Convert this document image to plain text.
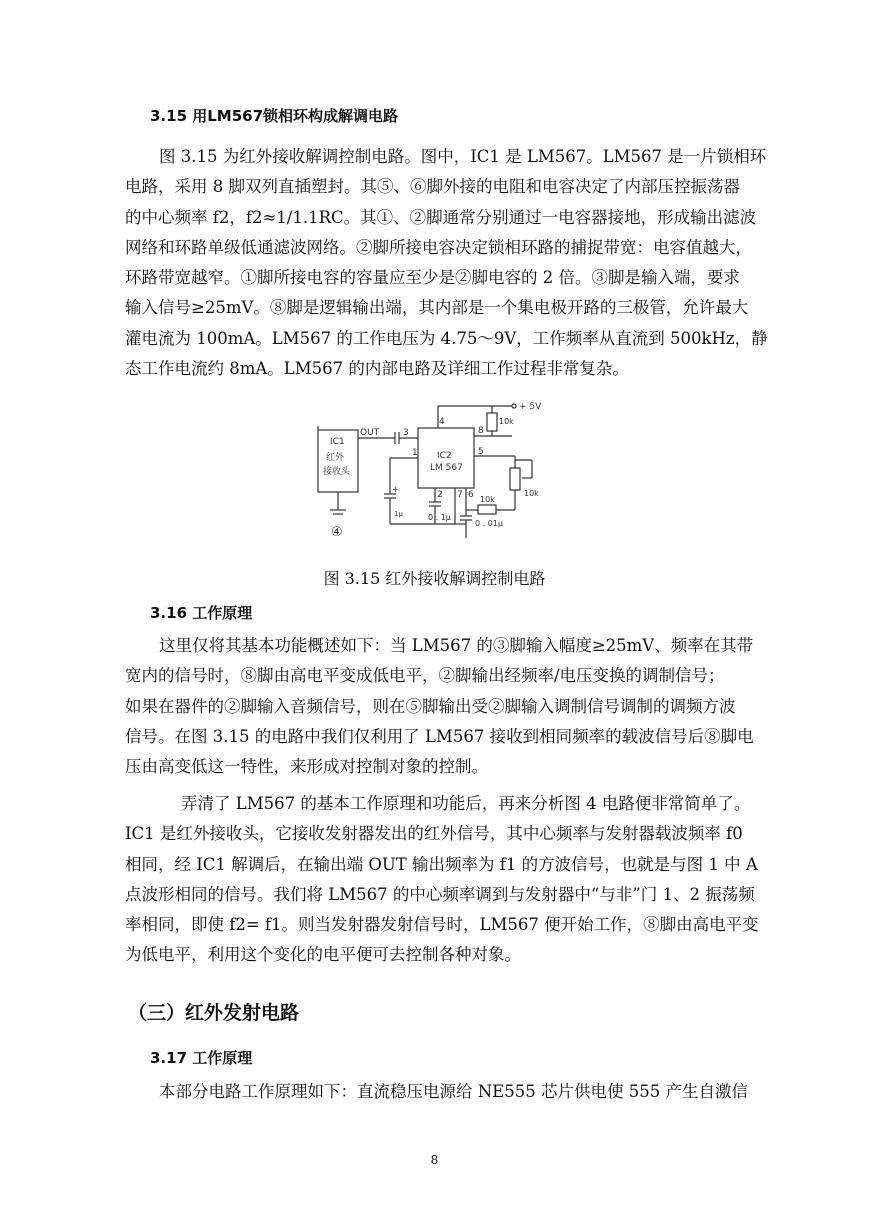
3.15 用LM567锁相环构成解调电路
图 3.15 为红外接收解调控制电路。图中，IC1 是 LM567。LM567 是一片锁相环
电路，采用 8 脚双列直插塑封。其⑤、⑥脚外接的电阻和电容决定了内部压控振荡器
的中心频率 f2，f2≈1/1.1RC。其①、②脚通常分别通过一电容器接地，形成输出滤波
网络和环路单级低通滤波网络。②脚所接电容决定锁相环路的捕捉带宽：电容值越大，
环路带宽越窄。①脚所接电容的容量应至少是②脚电容的 2 倍。③脚是输入端，要求
输入信号≥25mV。⑧脚是逻辑输出端，其内部是一个集电极开路的三极管，允许最大
灌电流为 100mA。LM567 的工作电压为 4.75～9V，工作频率从直流到 500kHz，静
态工作电流约 8mA。LM567 的内部电路及详细工作过程非常复杂。
IC1
红外
接收头
④
OUT	3
IC2
LM 567
+ 5V
10k
10k
10k
1μ
+
0 . 1μ
0 . 01μ
4
8
1	5
2 7 6
图 3.15 红外接收解调控制电路
3.16 工作原理
这里仅将其基本功能概述如下：当 LM567 的③脚输入幅度≥25mV、频率在其带
宽内的信号时，⑧脚由高电平变成低电平，②脚输出经频率/电压变换的调制信号；
如果在器件的②脚输入音频信号，则在⑤脚输出受②脚输入调制信号调制的调频方波
信号。在图 3.15 的电路中我们仅利用了 LM567 接收到相同频率的载波信号后⑧脚电
压由高变低这一特性，来形成对控制对象的控制。
弄清了 LM567 的基本工作原理和功能后，再来分析图 4 电路便非常简单了。
IC1 是红外接收头，它接收发射器发出的红外信号，其中心频率与发射器载波频率 f0
相同，经 IC1 解调后，在输出端 OUT 输出频率为 f1 的方波信号，也就是与图 1 中 A
点波形相同的信号。我们将 LM567 的中心频率调到与发射器中“与非”门 1、2 振荡频
率相同，即使 f2= f1。则当发射器发射信号时，LM567 便开始工作，⑧脚由高电平变
为低电平，利用这个变化的电平便可去控制各种对象。
（三）红外发射电路
3.17 工作原理
本部分电路工作原理如下：直流稳压电源给 NE555 芯片供电使 555 产生自激信
8
